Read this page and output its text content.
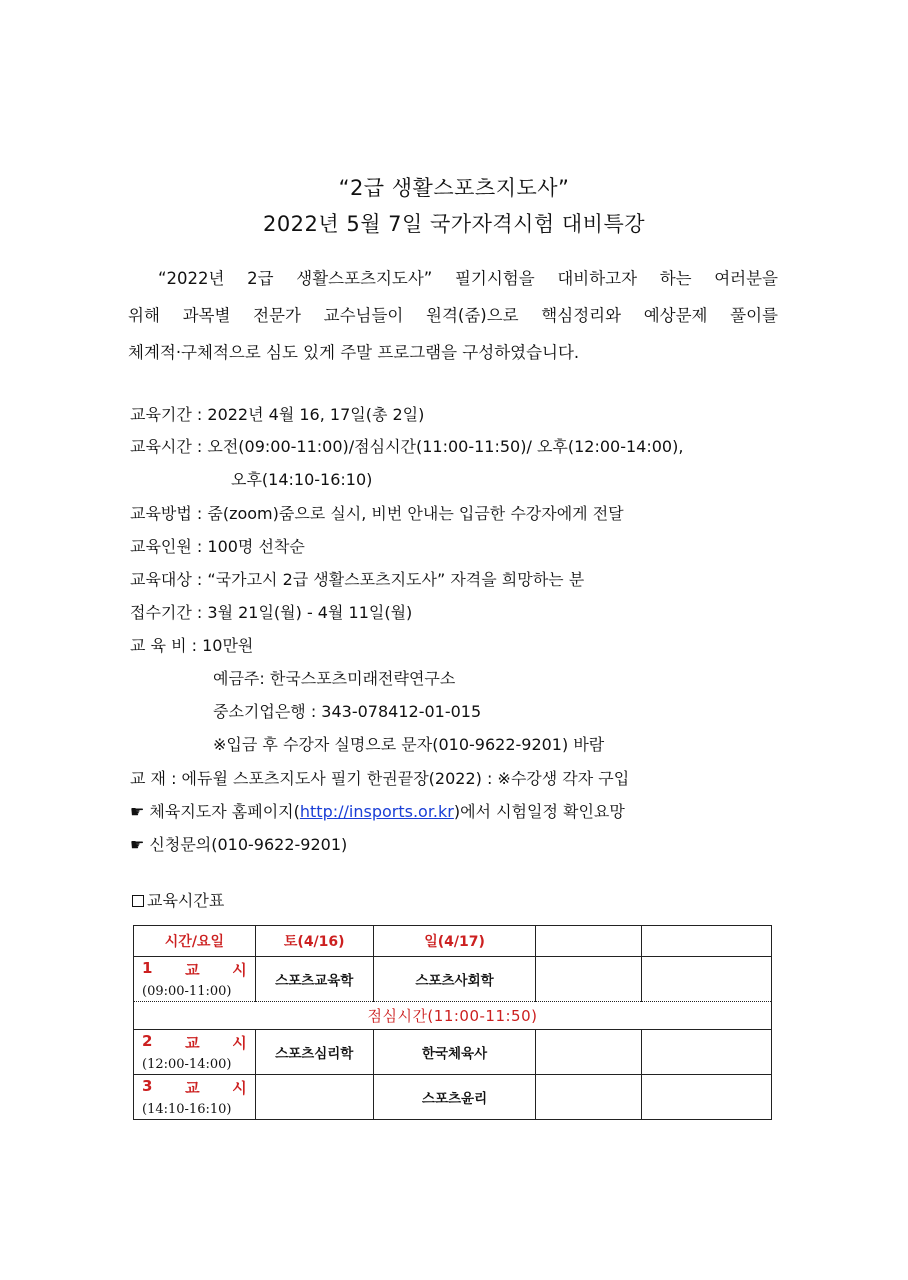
“2급 생활스포츠지도사”
2022년 5월 7일 국가자격시험 대비특강
“2022년 2급 생활스포츠지도사” 필기시험을 대비하고자 하는 여러분을
위해 과목별 전문가 교수님들이 원격(줌)으로 핵심정리와 예상문제 풀이를
체계적·구체적으로 심도 있게 주말 프로그램을 구성하였습니다.
교육기간 : 2022년 4월 16, 17일(총 2일)
교육시간 : 오전(09:00-11:00)/점심시간(11:00-11:50)/ 오후(12:00-14:00),
오후(14:10-16:10)
교육방법 : 줌(zoom)줌으로 실시, 비번 안내는 입금한 수강자에게 전달
교육인원 : 100명 선착순
교육대상 : “국가고시 2급 생활스포츠지도사” 자격을 희망하는 분
접수기간 : 3월 21일(월) - 4월 11일(월)
교 육 비 : 10만원
예금주: 한국스포츠미래전략연구소
중소기업은행 : 343-078412-01-015
※입금 후 수강자 실명으로 문자(010-9622-9201) 바람
교 재 : 에듀윌 스포츠지도사 필기 한권끝장(2022) : ※수강생 각자 구입
☛ 체육지도자 홈페이지(http://insports.or.kr)에서 시험일정 확인요망
☛ 신청문의(010-9622-9201)
교육시간표
시간/요일	토(4/16)	일(4/17)		

1 교 시
(09:00-11:00)	스포츠교육학	스포츠사회학		
점심시간(11:00-11:50)				

2 교 시
(12:00-14:00)	스포츠심리학	한국체육사		

3 교 시
(14:10-16:10)		스포츠윤리		
